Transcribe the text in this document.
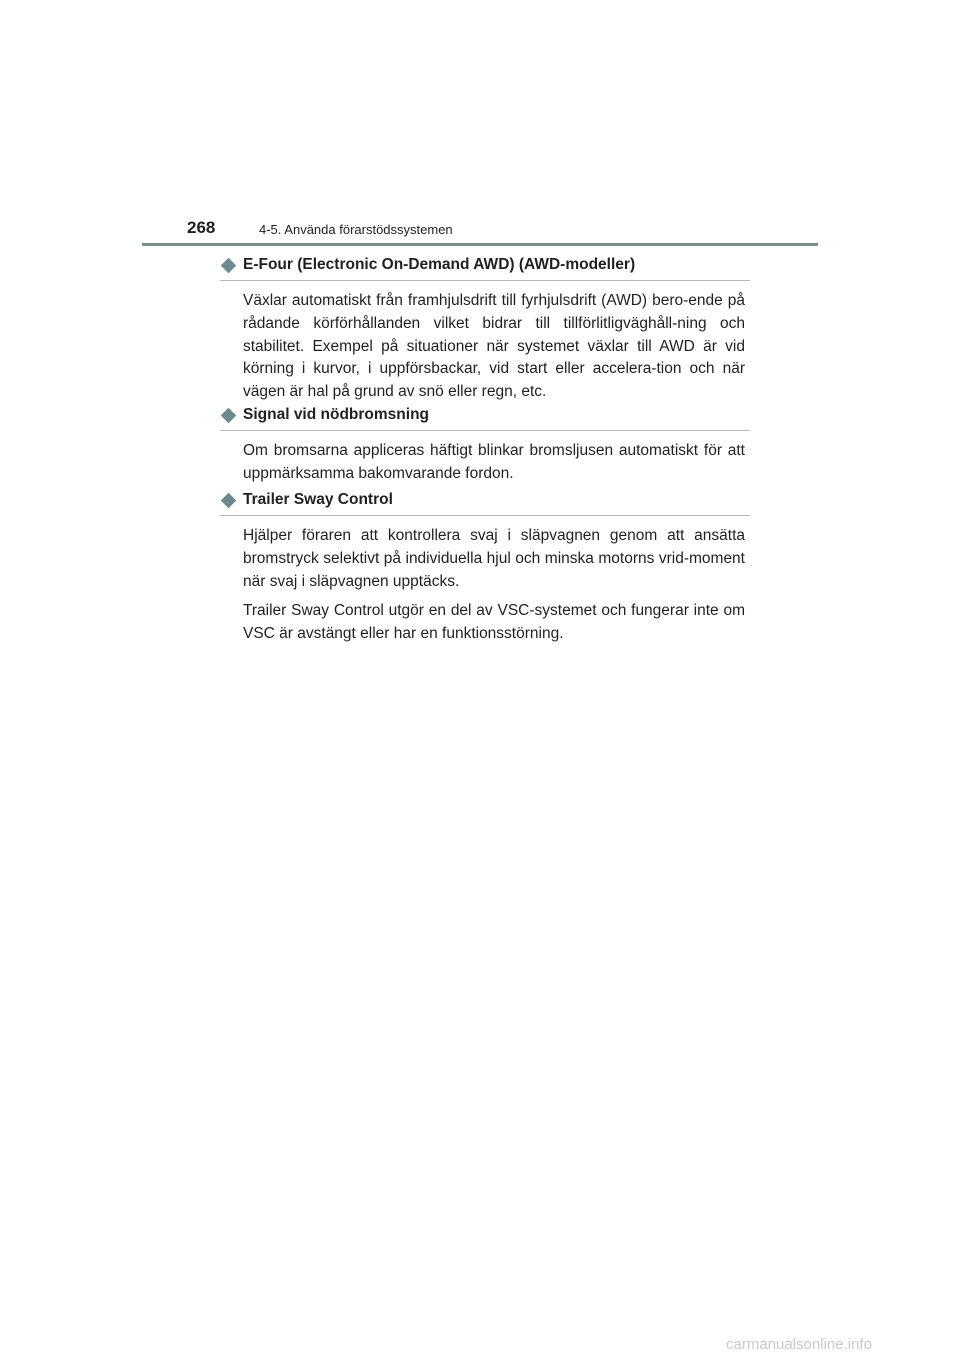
268	4-5. Använda förarstödssystemen
E-Four (Electronic On-Demand AWD) (AWD-modeller)

Växlar automatiskt från framhjulsdrift till fyrhjulsdrift (AWD) bero-ende på rådande körförhållanden vilket bidrar till tillförlitligväghåll-ning och stabilitet. Exempel på situationer när systemet växlar till AWD är vid körning i kurvor, i uppförsbackar, vid start eller accelera-tion och när vägen är hal på grund av snö eller regn, etc.

Signal vid nödbromsning

Om bromsarna appliceras häftigt blinkar bromsljusen automatiskt för att uppmärksamma bakomvarande fordon.

Trailer Sway Control

Hjälper föraren att kontrollera svaj i släpvagnen genom att ansätta bromstryck selektivt på individuella hjul och minska motorns vrid-moment när svaj i släpvagnen upptäcks.

Trailer Sway Control utgör en del av VSC-systemet och fungerar inte om VSC är avstängt eller har en funktionsstörning.

carmanualsonline.info
